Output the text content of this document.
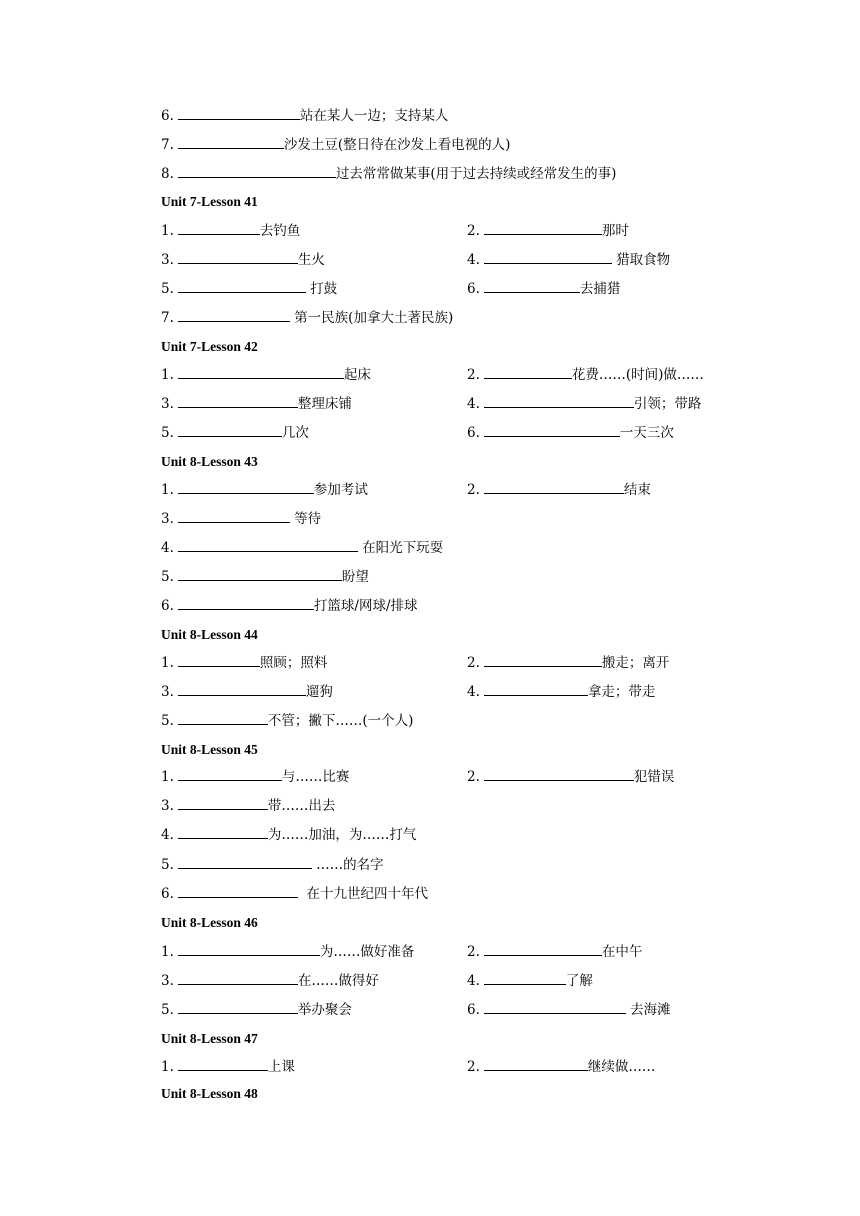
6.	站在某人一边；支持某人
7.	沙发土豆(整日待在沙发上看电视的人)
8.	过去常常做某事(用于过去持续或经常发生的事)
Unit 7-Lesson 41
1.	去钓鱼	2.	那时
3.	生火	4.	猎取食物
5.	打鼓	6.	去捕猎
7.	第一民族(加拿大土著民族)
Unit 7-Lesson 42
1.	起床	2.	花费……(时间)做……
3.	整理床铺	4.	引领；带路
5.	几次	6.	一天三次
Unit 8-Lesson 43
1.	参加考试	2.	结束
3.	等待
4.	在阳光下玩耍
5.	盼望
6.	打篮球/网球/排球
Unit 8-Lesson 44
1.	照顾；照料	2.	搬走；离开
3.	遛狗	4.	拿走；带走
5.	不管；撇下……(一个人)
Unit 8-Lesson 45
1.	与……比赛	2.	犯错误
3.	带……出去
4.	为……加油，为……打气
5.	……的名字
6.	在十九世纪四十年代
Unit 8-Lesson 46
1.	为……做好准备	2.	在中午
3.	在……做得好	4.	了解
5.	举办聚会	6.	去海滩
Unit 8-Lesson 47
1.	上课	2.	继续做……
Unit 8-Lesson 48
